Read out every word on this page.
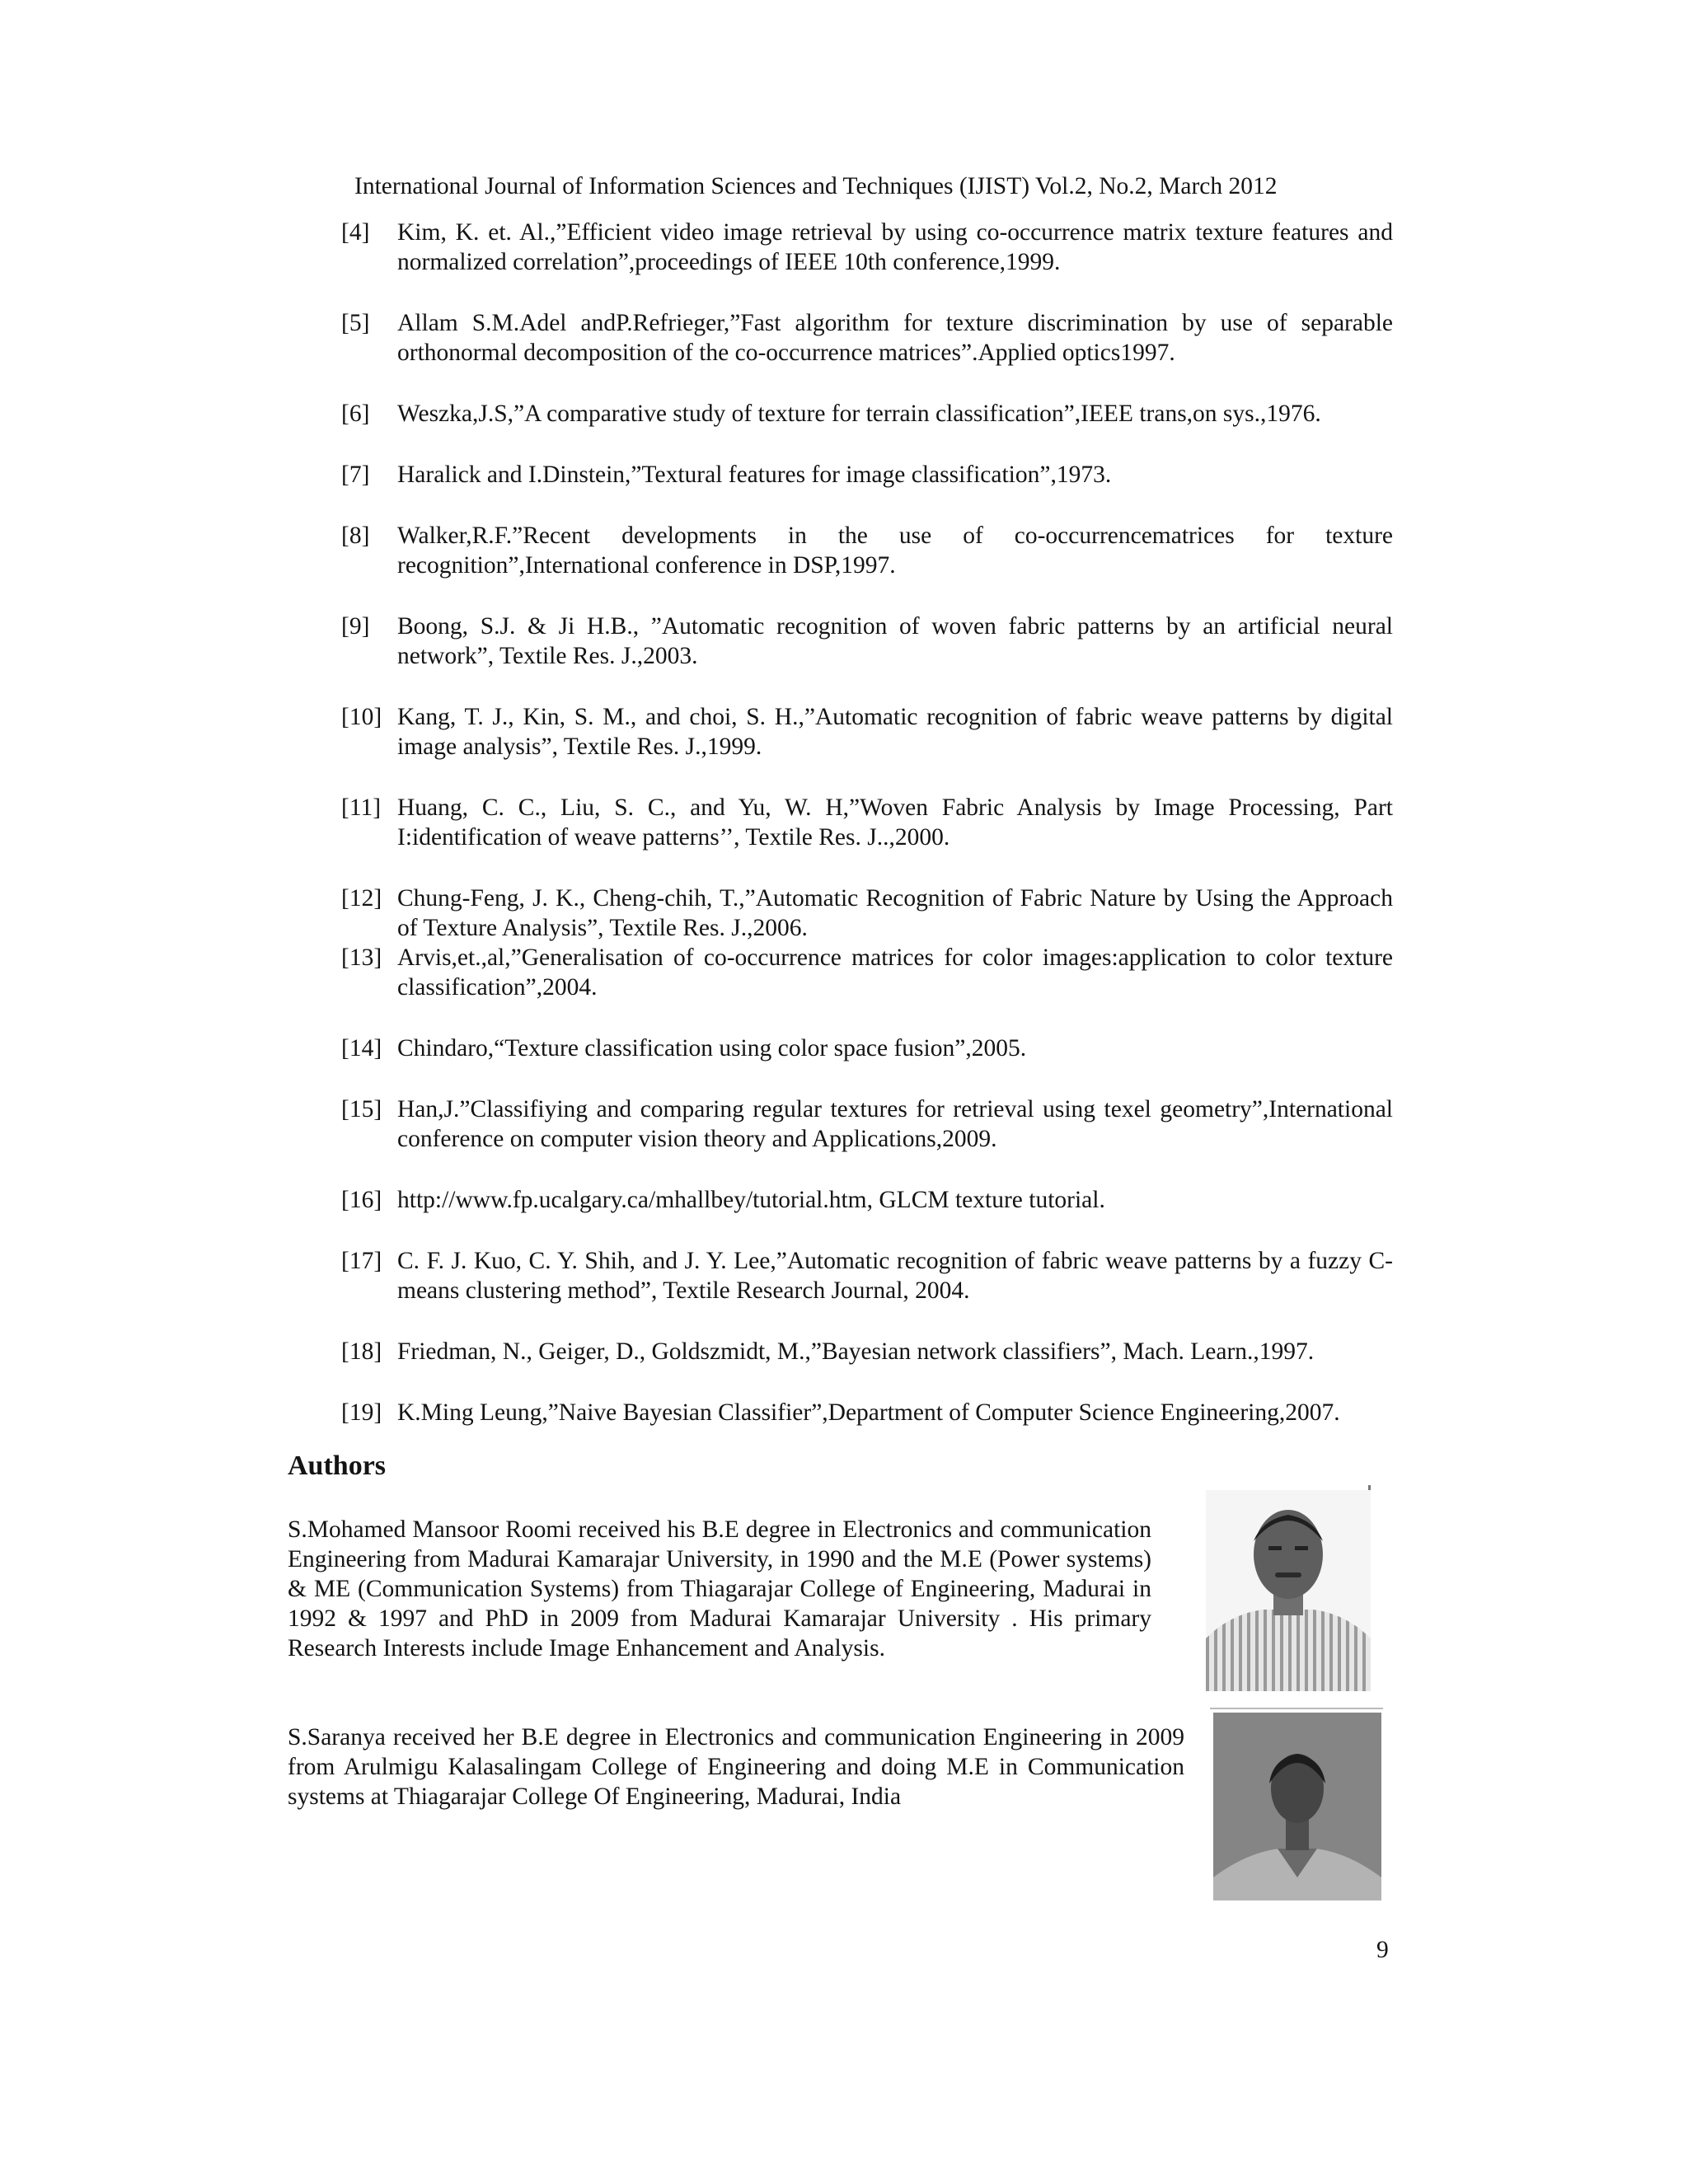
International Journal of Information Sciences and Techniques (IJIST) Vol.2, No.2, March 2012
[4]	Kim, K. et. Al.,”Efficient video image retrieval by using co-occurrence matrix texture features and normalized correlation”,proceedings of IEEE 10th conference,1999.
[5]	Allam S.M.Adel andP.Refrieger,”Fast algorithm for texture discrimination by use of separable orthonormal decomposition of the co-occurrence matrices”.Applied optics1997.
[6]	Weszka,J.S,”A comparative study of texture for terrain classification”,IEEE trans,on sys.,1976.
[7]	Haralick and I.Dinstein,”Textural features for image classification”,1973.
[8]	Walker,R.F.”Recent developments in the use of co-occurrencematrices for texture recognition”,International conference in DSP,1997.
[9]	Boong, S.J. & Ji H.B., ”Automatic recognition of woven fabric patterns by an artificial neural network”, Textile Res. J.,2003.
[10] Kang, T. J., Kin, S. M., and choi, S. H.,”Automatic recognition of fabric weave patterns by digital image analysis”, Textile Res. J.,1999.
[11] Huang, C. C., Liu, S. C., and Yu, W. H,”Woven Fabric Analysis by Image Processing, Part I:identification of weave patterns’’, Textile Res. J..,2000.
[12] Chung-Feng, J. K., Cheng-chih, T.,”Automatic Recognition of Fabric Nature by Using the Approach of Texture Analysis”, Textile Res. J.,2006.
[13] Arvis,et.,al,”Generalisation of co-occurrence matrices for color images:application to color texture classification”,2004.
[14] Chindaro,“Texture classification using color space fusion”,2005.
[15] Han,J.”Classifiying and comparing regular textures for retrieval using texel geometry”,International conference on computer vision theory and Applications,2009.
[16] http://www.fp.ucalgary.ca/mhallbey/tutorial.htm, GLCM texture tutorial.
[17] C. F. J. Kuo, C. Y. Shih, and J. Y. Lee,”Automatic recognition of fabric weave patterns by a fuzzy C-means clustering method”, Textile Research Journal, 2004.
[18] Friedman, N., Geiger, D., Goldszmidt, M.,”Bayesian network classifiers”, Mach. Learn.,1997.
[19] K.Ming Leung,”Naive Bayesian Classifier”,Department of Computer Science Engineering,2007.
Authors

S.Mohamed Mansoor Roomi received his B.E degree in Electronics and communication Engineering from Madurai Kamarajar University, in 1990 and the M.E (Power systems) & ME (Communication Systems) from Thiagarajar College of Engineering, Madurai in 1992 & 1997 and PhD in 2009 from Madurai Kamarajar University . His primary Research Interests include Image Enhancement and Analysis.

S.Saranya received her B.E degree in Electronics and communication Engineering in 2009 from Arulmigu Kalasalingam College of Engineering and doing M.E in Communication systems at Thiagarajar College Of Engineering, Madurai, India

9
